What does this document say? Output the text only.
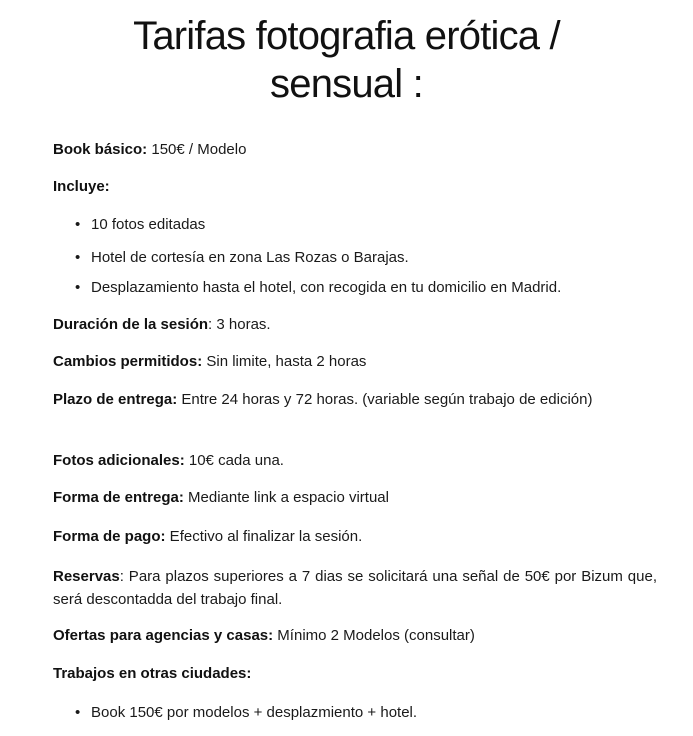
Tarifas fotografia erótica /
sensual :

Book básico: 150€ / Modelo

Incluye:

• 10 fotos editadas

• Hotel de cortesía en zona Las Rozas o Barajas.

• Desplazamiento hasta el hotel, con recogida en tu domicilio en Madrid.

Duración de la sesión: 3 horas.

Cambios permitidos: Sin limite, hasta 2 horas

Plazo de entrega: Entre 24 horas y 72 horas. (variable según trabajo de edición)

Fotos adicionales: 10€ cada una.

Forma de entrega: Mediante link a espacio virtual

Forma de pago: Efectivo al finalizar la sesión.

Reservas: Para plazos superiores a 7 dias se solicitará una señal de 50€ por Bizum que, será descontadda del trabajo final.

Ofertas para agencias y casas: Mínimo 2 Modelos (consultar)

Trabajos en otras ciudades:

• Book 150€ por modelos + desplazmiento + hotel.
